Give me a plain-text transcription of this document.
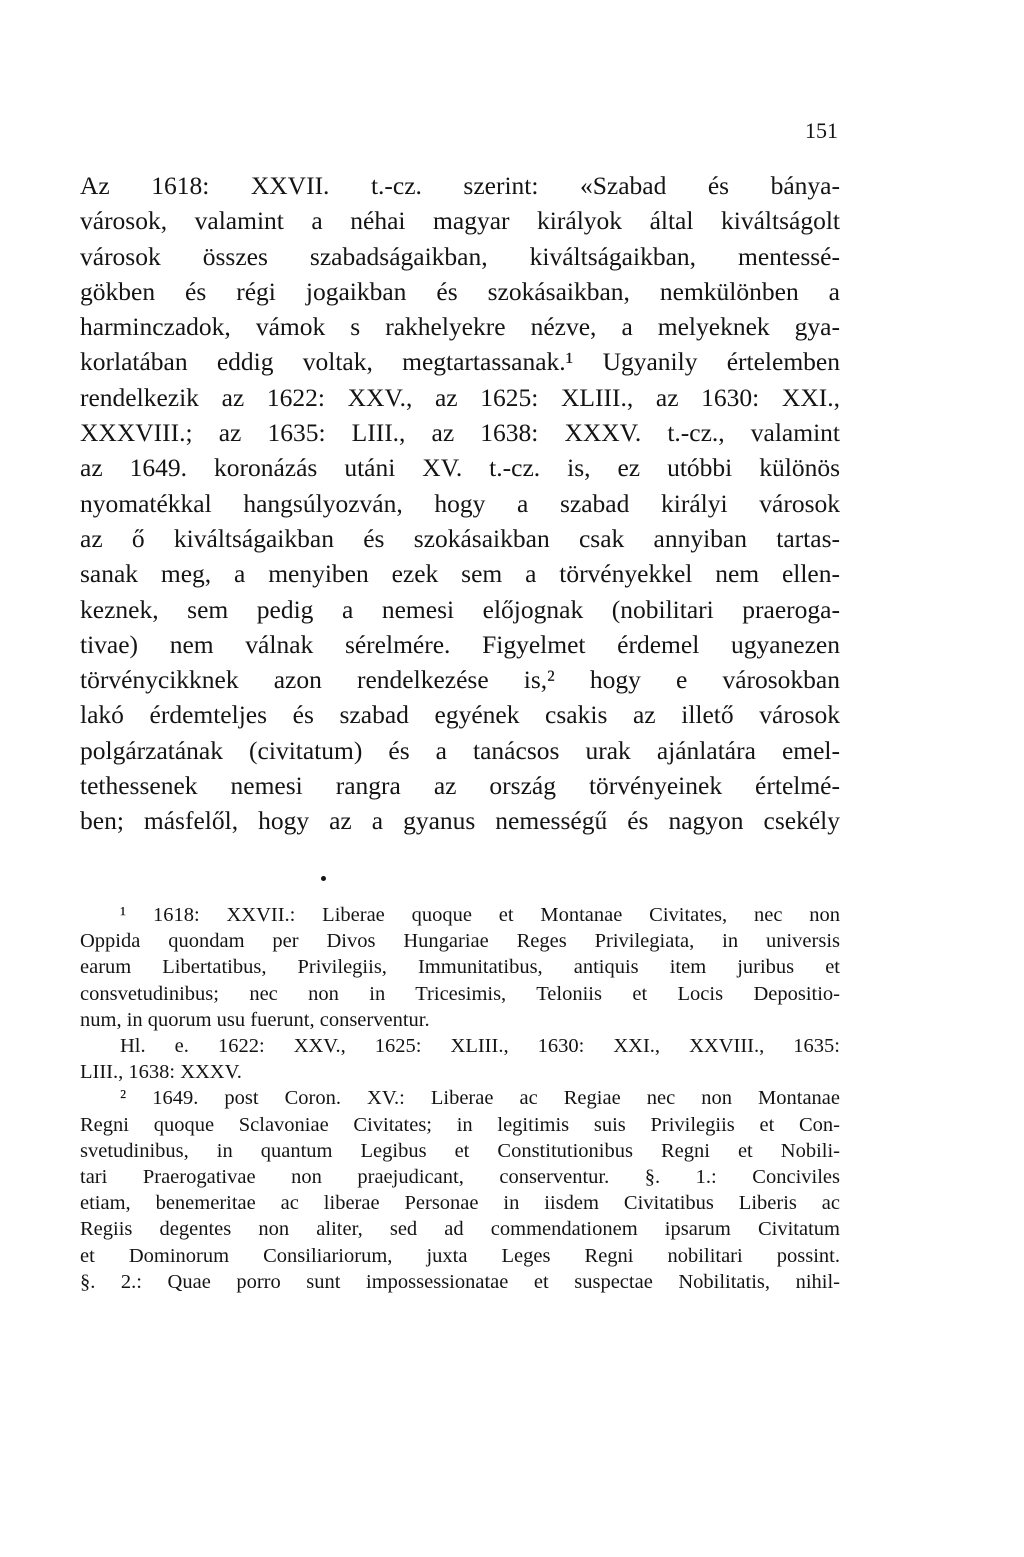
151
Az 1618: XXVII. t.-cz. szerint: «Szabad és bánya-
városok, valamint a néhai magyar királyok által kiváltságolt
városok összes szabadságaikban, kiváltságaikban, mentessé-
gökben és régi jogaikban és szokásaikban, nemkülönben a
harminczadok, vámok s rakhelyekre nézve, a melyeknek gya-
korlatában eddig voltak, megtartassanak.¹ Ugyanily értelemben
rendelkezik az 1622: XXV., az 1625: XLIII., az 1630: XXI.,
XXXVIII.; az 1635: LIII., az 1638: XXXV. t.-cz., valamint
az 1649. koronázás utáni XV. t.-cz. is, ez utóbbi különös
nyomatékkal hangsúlyozván, hogy a szabad királyi városok
az ő kiváltságaikban és szokásaikban csak annyiban tartas-
sanak meg, a menyiben ezek sem a törvényekkel nem ellen-
keznek, sem pedig a nemesi előjognak (nobilitari praeroga-
tivae) nem válnak sérelmére. Figyelmet érdemel ugyanezen
törvénycikknek azon rendelkezése is,² hogy e városokban
lakó érdemteljes és szabad egyének csakis az illető városok
polgárzatának (civitatum) és a tanácsos urak ajánlatára emel-
tethessenek nemesi rangra az ország törvényeinek értelmé-
ben; másfelől, hogy az a gyanus nemességű és nagyon csekély
¹ 1618: XXVII.: Liberae quoque et Montanae Civitates, nec non
Oppida quondam per Divos Hungariae Reges Privilegiata, in universis
earum Libertatibus, Privilegiis, Immunitatibus, antiquis item juribus et
consvetudinibus; nec non in Tricesimis, Teloniis et Locis Depositio-
num, in quorum usu fuerunt, conserventur.
Hl. e. 1622: XXV., 1625: XLIII., 1630: XXI., XXVIII., 1635:
LIII., 1638: XXXV.
² 1649. post Coron. XV.: Liberae ac Regiae nec non Montanae
Regni quoque Sclavoniae Civitates; in legitimis suis Privilegiis et Con-
svetudinibus, in quantum Legibus et Constitutionibus Regni et Nobili-
tari Praerogativae non praejudicant, conserventur. §. 1.: Conciviles
etiam, benemeritae ac liberae Personae in iisdem Civitatibus Liberis ac
Regiis degentes non aliter, sed ad commendationem ipsarum Civitatum
et Dominorum Consiliariorum, juxta Leges Regni nobilitari possint.
§. 2.: Quae porro sunt impossessionatae et suspectae Nobilitatis, nihil-
